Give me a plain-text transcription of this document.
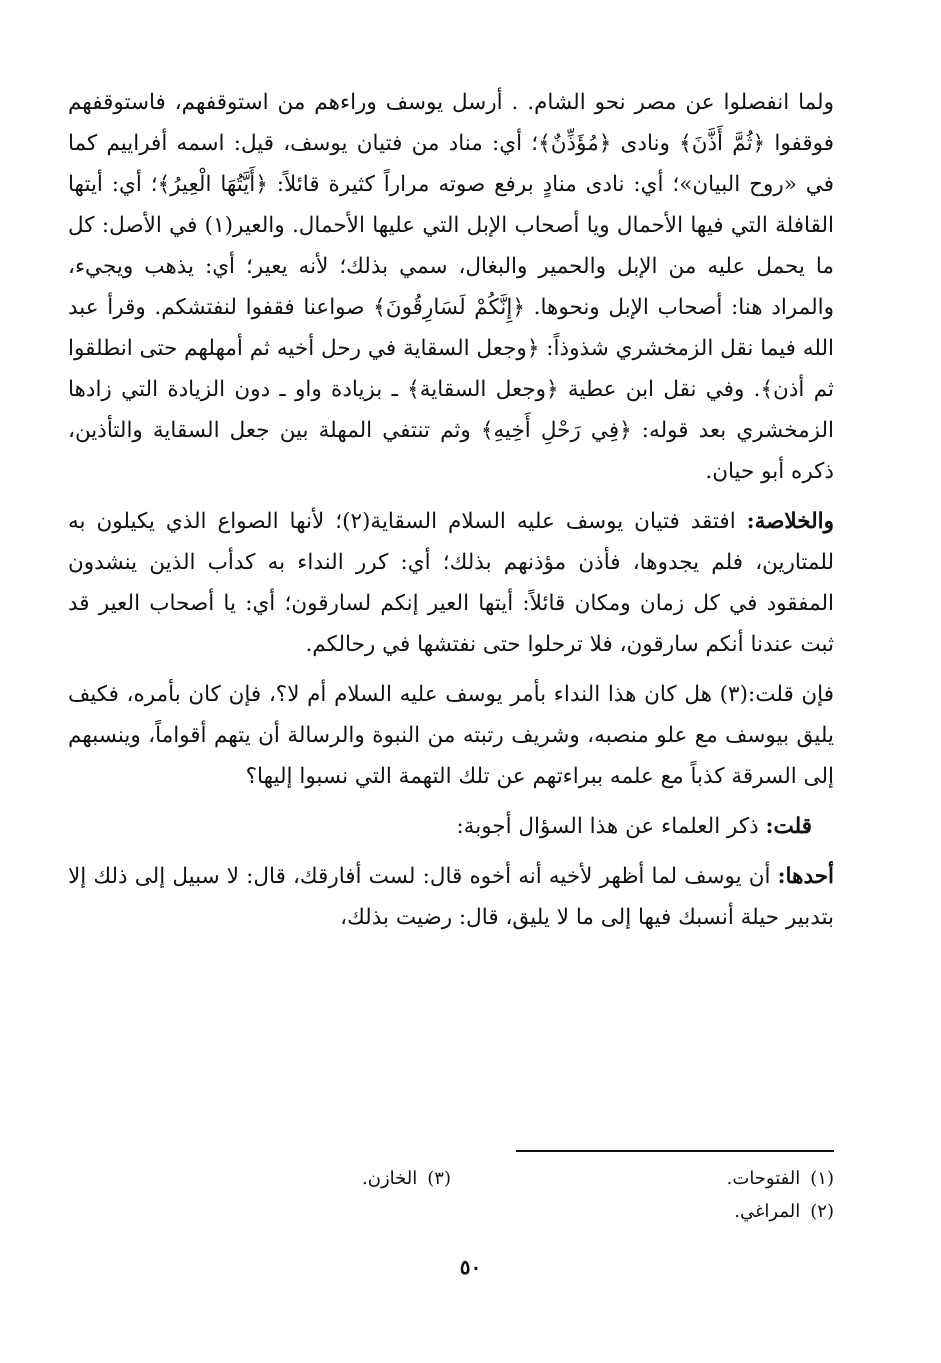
ولما انفصلوا عن مصر نحو الشام. . أرسل يوسف وراءهم من استوقفهم، فاستوقفهم فوقفوا ﴿ثُمَّ أَذَّنَ﴾ ونادى ﴿مُؤَذِّنٌ﴾؛ أي: مناد من فتيان يوسف، قيل: اسمه أفراييم كما في «روح البيان»؛ أي: نادى منادٍ برفع صوته مراراً كثيرة قائلاً: ﴿أَيَّتُهَا الْعِيرُ﴾؛ أي: أيتها القافلة التي فيها الأحمال ويا أصحاب الإبل التي عليها الأحمال. والعير(١) في الأصل: كل ما يحمل عليه من الإبل والحمير والبغال، سمي بذلك؛ لأنه يعير؛ أي: يذهب ويجيء، والمراد هنا: أصحاب الإبل ونحوها. ﴿إِنَّكُمْ لَسَارِقُونَ﴾ صواعنا فقفوا لنفتشكم. وقرأ عبد الله فيما نقل الزمخشري شذوذاً: ﴿وجعل السقاية في رحل أخيه ثم أمهلهم حتى انطلقوا ثم أذن﴾. وفي نقل ابن عطية ﴿وجعل السقاية﴾ ـ بزيادة واو ـ دون الزيادة التي زادها الزمخشري بعد قوله: ﴿فِي رَحْلِ أَخِيهِ﴾ وثم تنتفي المهلة بين جعل السقاية والتأذين، ذكره أبو حيان.

والخلاصة: افتقد فتيان يوسف عليه السلام السقاية(٢)؛ لأنها الصواع الذي يكيلون به للمتارين، فلم يجدوها، فأذن مؤذنهم بذلك؛ أي: كرر النداء به كدأب الذين ينشدون المفقود في كل زمان ومكان قائلاً: أيتها العير إنكم لسارقون؛ أي: يا أصحاب العير قد ثبت عندنا أنكم سارقون، فلا ترحلوا حتى نفتشها في رحالكم.

فإن قلت:(٣) هل كان هذا النداء بأمر يوسف عليه السلام أم لا؟، فإن كان بأمره، فكيف يليق بيوسف مع علو منصبه، وشريف رتبته من النبوة والرسالة أن يتهم أقواماً، وينسبهم إلى السرقة كذباً مع علمه ببراءتهم عن تلك التهمة التي نسبوا إليها؟

قلت: ذكر العلماء عن هذا السؤال أجوبة:

أحدها: أن يوسف لما أظهر لأخيه أنه أخوه قال: لست أفارقك، قال: لا سبيل إلى ذلك إلا بتدبير حيلة أنسبك فيها إلى ما لا يليق، قال: رضيت بذلك،

(١)الفتوحات.
(٣)الخازن.
(٢)المراغي.
٥٠
